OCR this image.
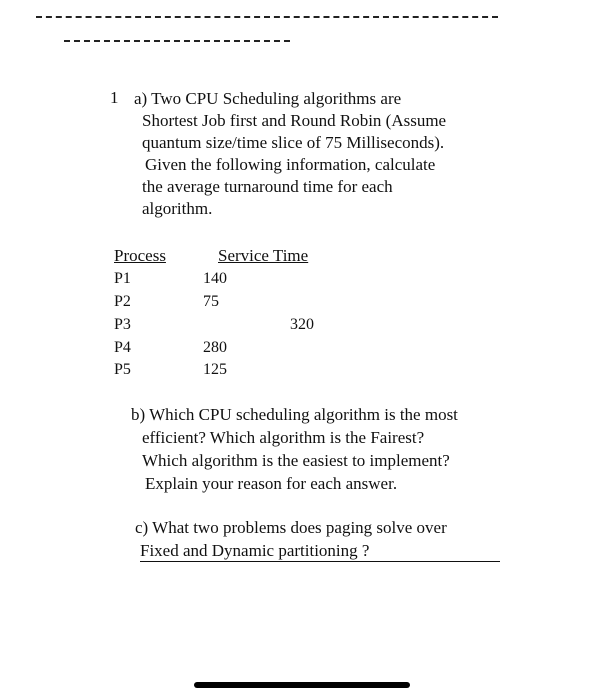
1 a) Two CPU Scheduling algorithms are
Shortest Job first and Round Robin (Assume
quantum size/time slice of 75 Milliseconds).
Given the following information, calculate
the average turnaround time for each
algorithm.
Process	Service Time
P1	140
P2	75
P3	320
P4	280
P5	125
b) Which CPU scheduling algorithm is the most
efficient? Which algorithm is the Fairest?
Which algorithm is the easiest to implement?
Explain your reason for each answer.
c) What two problems does paging solve over
Fixed and Dynamic partitioning ?
